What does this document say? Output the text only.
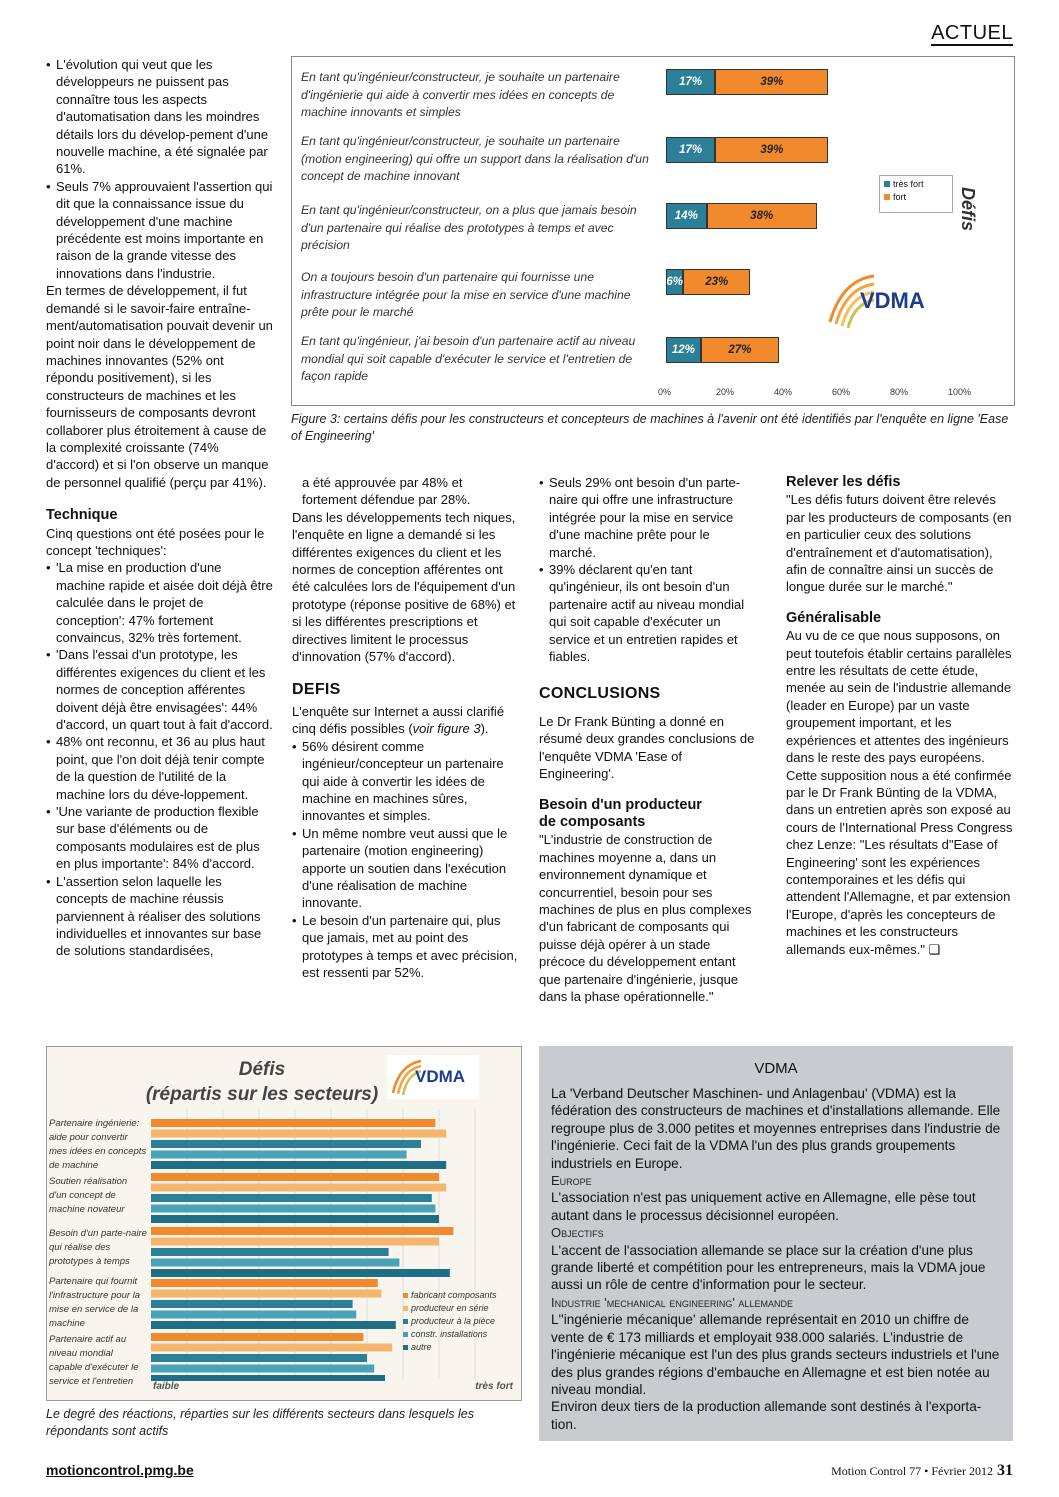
ACTUEL

• L'évolution qui veut que les développeurs ne puissent pas connaître tous les aspects d'automatisation dans les moindres détails lors du dévelop-pement d'une nouvelle machine, a été signalée par 61%.

• Seuls 7% approuvaient l'assertion qui dit que la connaissance issue du développement d'une machine précédente est moins importante en raison de la grande vitesse des innovations dans l'industrie.

En termes de développement, il fut demandé si le savoir-faire entraîne-ment/automatisation pouvait devenir un point noir dans le développement de machines innovantes (52% ont répondu positivement), si les constructeurs de machines et les fournisseurs de composants devront collaborer plus étroitement à cause de la complexité croissante (74% d'accord) et si l'on observe un manque de personnel qualifié (perçu par 41%).

Technique

Cinq questions ont été posées pour le concept 'techniques':

• 'La mise en production d'une machine rapide et aisée doit déjà être calculée dans le projet de conception': 47% fortement convaincus, 32% très fortement.

• 'Dans l'essai d'un prototype, les différentes exigences du client et les normes de conception afférentes doivent déjà être envisagées': 44% d'accord, un quart tout à fait d'accord.

• 48% ont reconnu, et 36 au plus haut point, que l'on doit déjà tenir compte de la question de l'utilité de la machine lors du déve-loppement.

• 'Une variante de production flexible sur base d'éléments ou de composants modulaires est de plus en plus importante': 84% d'accord.

• L'assertion selon laquelle les concepts de machine réussis parviennent à réaliser des solutions individuelles et innovantes sur base de solutions standardisées,

En tant qu'ingénieur/constructeur, je souhaite un partenaire d'ingénierie qui aide à convertir mes idées en concepts de machine innovants et simples
En tant qu'ingénieur/constructeur, je souhaite un partenaire (motion engineering) qui offre un support dans la réalisation d'un concept de machine innovant
En tant qu'ingénieur/constructeur, on a plus que jamais besoin d'un partenaire qui réalise des prototypes à temps et avec précision
On a toujours besoin d'un partenaire qui fournisse une infrastructure intégrée pour la mise en service d'une machine prête pour le marché
En tant qu'ingénieur, j'ai besoin d'un partenaire actif au niveau mondial qui soit capable d'exécuter le service et l'entretien de façon rapide
17%	39%
17%	39%
14%	38%
6%	23%
12%	27%
0%	20%	40%	60%	80%	100%
très fort
fort
VDMA
Défis
Figure 3: certains défis pour les constructeurs et concepteurs de machines à l'avenir ont été identifiés par l'enquête en ligne 'Ease of Engineering'

a été approuvée par 48% et fortement défendue par 28%.

Dans les développements tech niques, l'enquête en ligne a demandé si les différentes exigences du client et les normes de conception afférentes ont été calculées lors de l'équipement d'un prototype (réponse positive de 68%) et si les différentes prescriptions et directives limitent le processus d'innovation (57% d'accord).

DEFIS

L'enquête sur Internet a aussi clarifié cinq défis possibles (voir figure 3).

• 56% désirent comme ingénieur/concepteur un partenaire qui aide à convertir les idées de machine en machines sûres, innovantes et simples.

• Un même nombre veut aussi que le partenaire (motion engineering) apporte un soutien dans l'exécution d'une réalisation de machine innovante.

• Le besoin d'un partenaire qui, plus que jamais, met au point des prototypes à temps et avec précision, est ressenti par 52%.

• Seuls 29% ont besoin d'un parte-naire qui offre une infrastructure intégrée pour la mise en service d'une machine prête pour le marché.

• 39% déclarent qu'en tant qu'ingénieur, ils ont besoin d'un partenaire actif au niveau mondial qui soit capable d'exécuter un service et un entretien rapides et fiables.

CONCLUSIONS

Le Dr Frank Bünting a donné en résumé deux grandes conclusions de l'enquête VDMA 'Ease of Engineering'.

Besoin d'un producteur de composants

"L'industrie de construction de machines moyenne a, dans un environnement dynamique et concurrentiel, besoin pour ses machines de plus en plus complexes d'un fabricant de composants qui puisse déjà opérer à un stade précoce du développement entant que partenaire d'ingénierie, jusque dans la phase opérationnelle."

Relever les défis

"Les défis futurs doivent être relevés par les producteurs de composants (en en particulier ceux des solutions d'entraînement et d'automatisation), afin de connaître ainsi un succès de longue durée sur le marché."

Généralisable

Au vu de ce que nous supposons, on peut toutefois établir certains parallèles entre les résultats de cette étude, menée au sein de l'industrie allemande (leader en Europe) par un vaste groupement important, et les expériences et attentes des ingénieurs dans le reste des pays européens.

Cette supposition nous a été confirmée par le Dr Frank Bünting de la VDMA, dans un entretien après son exposé au cours de l'International Press Congress chez Lenze: "Les résultats d"Ease of Engineering' sont les expériences contemporaines et les défis qui attendent l'Allemagne, et par extension l'Europe, d'après les concepteurs de machines et les constructeurs allemands eux-mêmes." ❑

Défis
(répartis sur les secteurs)
VDMA
Partenaire ingénierie: aide pour convertir mes idées en concepts de machine
Soutien réalisation d'un concept de machine novateur
Besoin d'un parte-naire qui réalise des prototypes à temps
Partenaire qui fournit l'infrastructure pour la mise en service de la machine
Partenaire actif au niveau mondial capable d'exécuter le service et l'entretien
fabricant composants
producteur en série
producteur à la pièce
constr. installations
autre
faible	très fort
Le degré des réactions, réparties sur les différents secteurs dans lesquels les répondants sont actifs
VDMA

La 'Verband Deutscher Maschinen- und Anlagenbau' (VDMA) est la fédération des constructeurs de machines et d'installations allemande. Elle regroupe plus de 3.000 petites et moyennes entreprises dans l'industrie de l'ingénierie. Ceci fait de la VDMA l'un des plus grands groupements industriels en Europe.

Europe

L'association n'est pas uniquement active en Allemagne, elle pèse tout autant dans le processus décisionnel européen.

Objectifs

L'accent de l'association allemande se place sur la création d'une plus grande liberté et compétition pour les entrepreneurs, mais la VDMA joue aussi un rôle de centre d'information pour le secteur.

Industrie 'mechanical engineering' allemande

L''ingénierie mécanique' allemande représentait en 2010 un chiffre de vente de € 173 milliards et employait 938.000 salariés. L'industrie de l'ingénierie mécanique est l'un des plus grands secteurs industriels et l'une des plus grandes régions d'embauche en Allemagne et est bien notée au niveau mondial.

Environ deux tiers de la production allemande sont destinés à l'exporta-tion.

motioncontrol.pmg.be	Motion Control 77 • Février 2012 31
